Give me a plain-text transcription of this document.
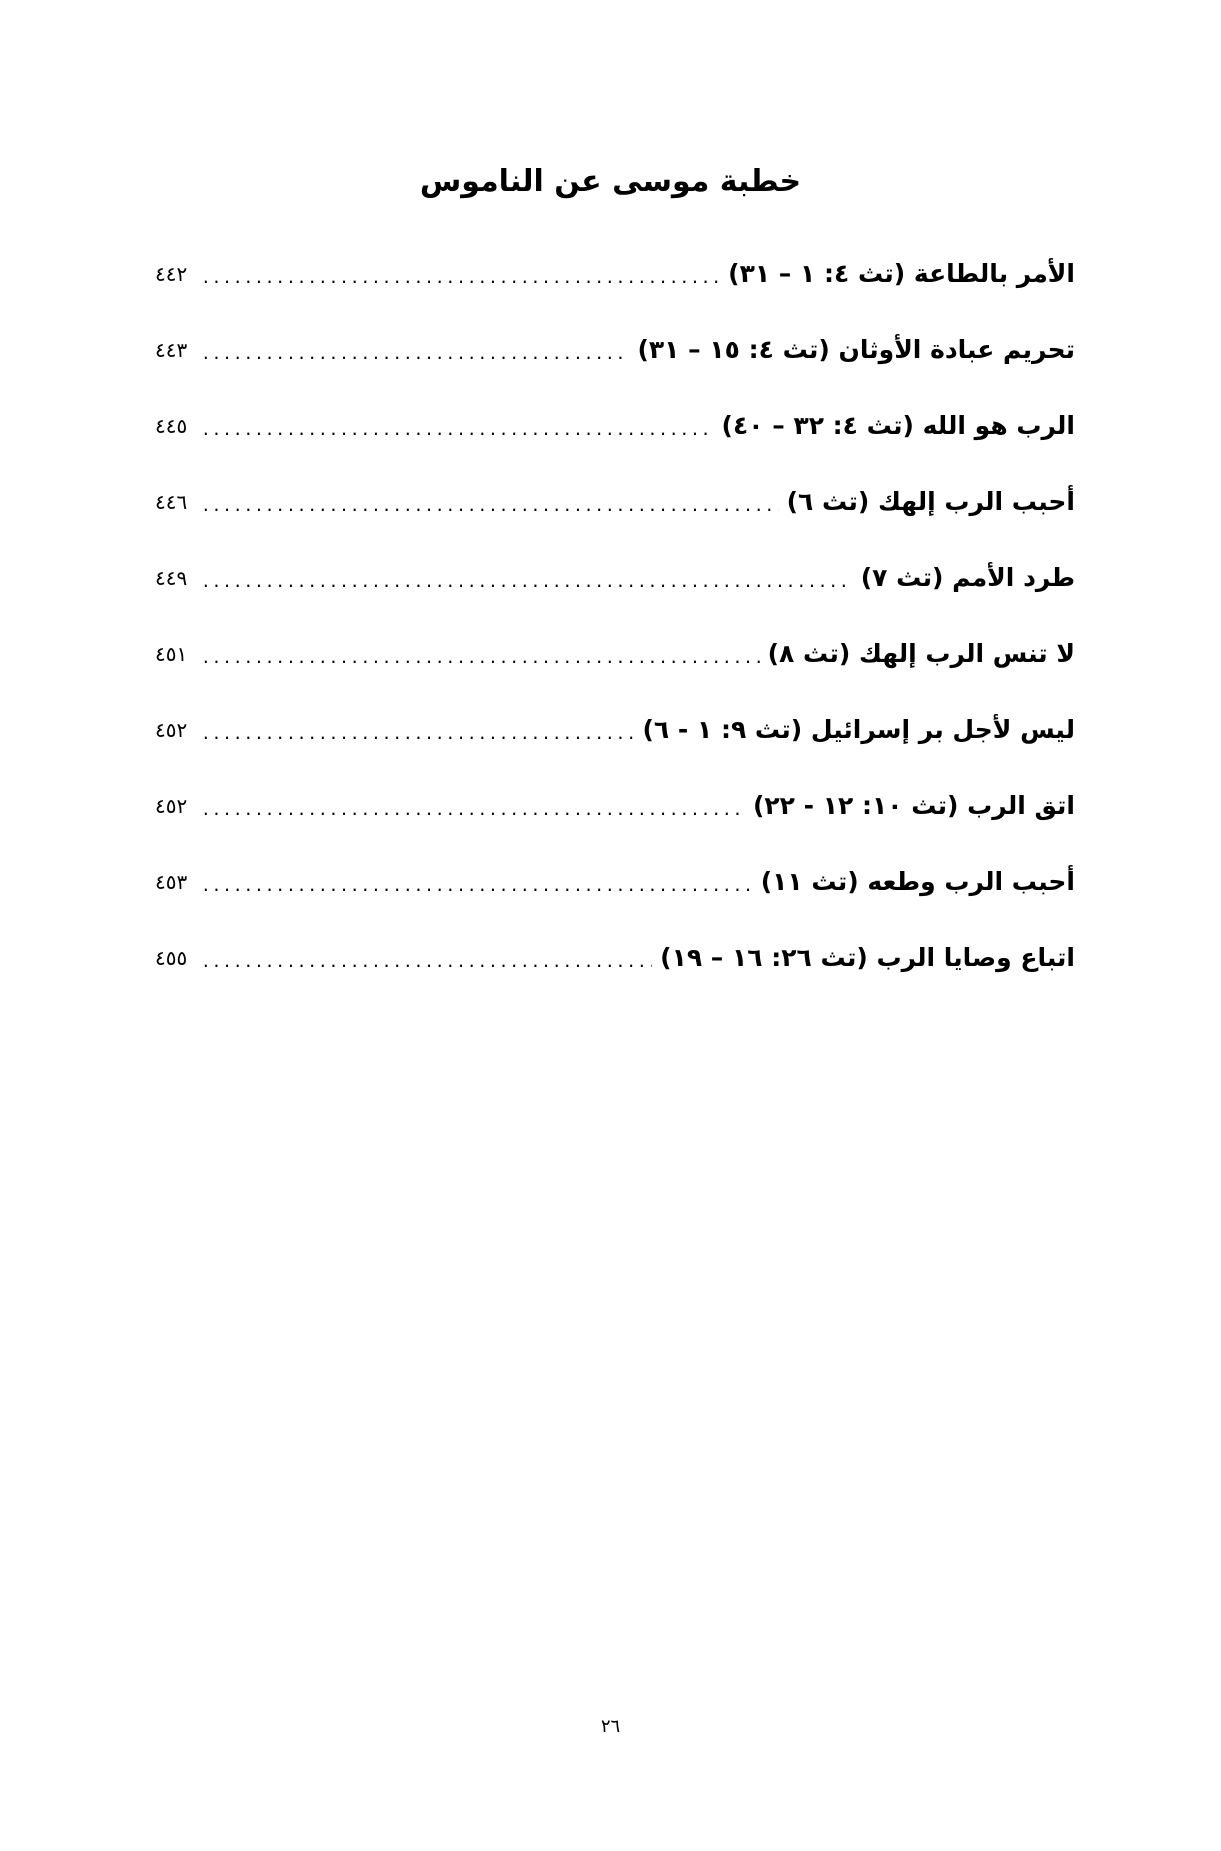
خطبة موسى عن الناموس
الأمر بالطاعة (تث ٤: ١ – ٣١)
.....
٤٤٢
تحريم عبادة الأوثان (تث ٤: ١٥ – ٣١)
.....
٤٤٣
الرب هو الله (تث ٤: ٣٢ – ٤٠)
.....
٤٤٥
أحبب الرب إلهك (تث ٦)
.....
٤٤٦
طرد الأمم (تث ٧)
.....
٤٤٩
لا تنس الرب إلهك (تث ٨)
.....
٤٥١
ليس لأجل بر إسرائيل (تث ٩: ١ - ٦)
.....
٤٥٢
اتق الرب (تث ١٠: ١٢ - ٢٢)
.....
٤٥٢
أحبب الرب وطعه (تث ١١)
.....
٤٥٣
اتباع وصايا الرب (تث ٢٦: ١٦ – ١٩)
.....
٤٥٥
٢٦
